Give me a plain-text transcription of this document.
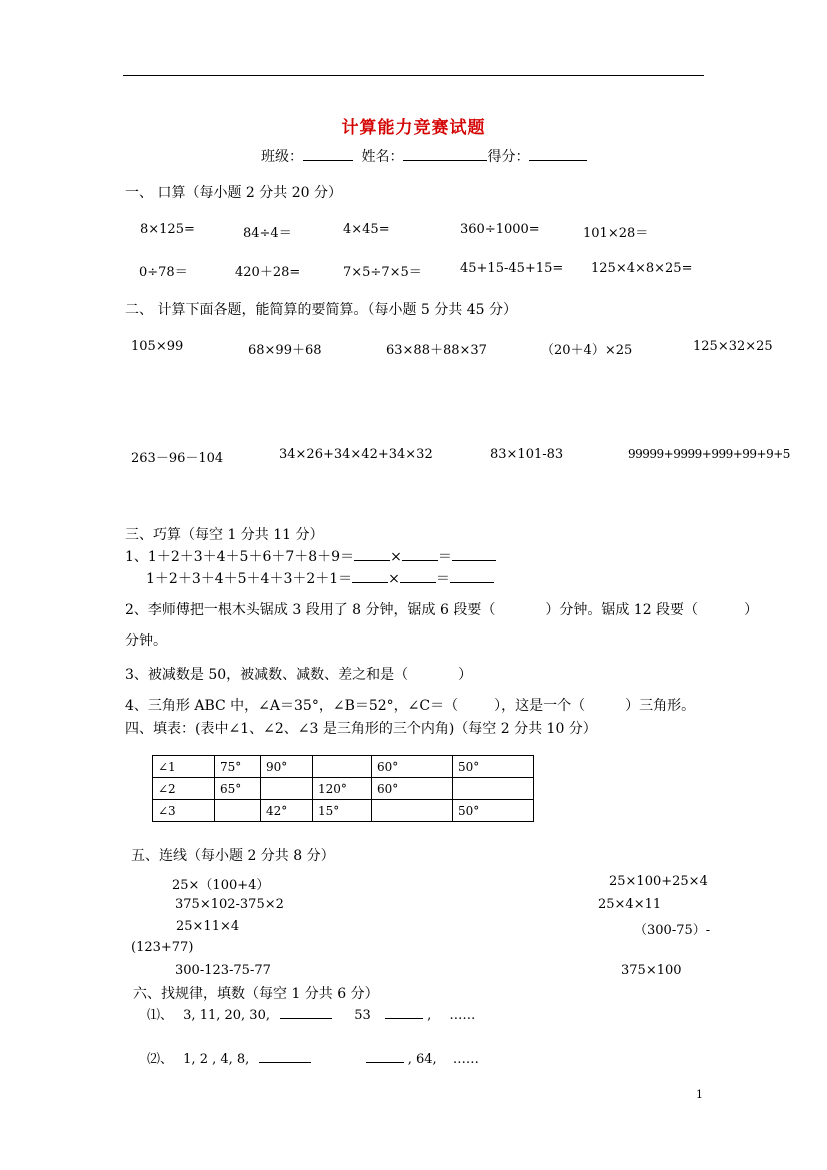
计算能力竞赛试题
班级：	姓名：	得分：
一、 口算（每小题 2 分共 20 分）
8×125=	84÷4＝	4×45=	360÷1000=	101×28＝
0÷78＝	420＋28=	7×5÷7×5＝	45+15-45+15= 125×4×8×25=
二、 计算下面各题，能简算的要简算。（每小题 5 分共 45 分）
105×99	68×99＋68	63×88＋88×37	（20＋4）×25	125×32×25
263－96－104	34×26+34×42+34×32	83×101-83	99999+9999+999+99+9+5
三、巧算（每空 1 分共 11 分）
1、1＋2＋3＋4＋5＋6＋7＋8＋9＝	×	＝
1＋2＋3＋4＋5＋4＋3＋2＋1＝	×	＝
2、李师傅把一根木头锯成 3 段用了 8 分钟，锯成 6 段要（	）分钟。锯成 12 段要（	）
分钟。
3、被减数是 50，被减数、减数、差之和是（	）
4、三角形 ABC 中，∠A＝35°，∠B＝52°，∠C＝（	），这是一个（	）三角形。
四、填表：(表中∠1、∠2、∠3 是三角形的三个内角)（每空 2 分共 10 分）
∠1	75°	90°		60°	50°
∠2	65°		120°	60°	
∠3		42°	15°		50°
五、连线（每小题 2 分共 8 分）
25×（100+4）
375×102-375×2
25×11×4
(123+77)
300-123-75-77
25×100+25×4
25×4×11
（300-75）-
375×100
六、找规律，填数（每空 1 分共 6 分）
⑴、 3, 11, 20, 30,	53	, ……
⑵、 1, 2 , 4, 8,	, 64, ……
1
